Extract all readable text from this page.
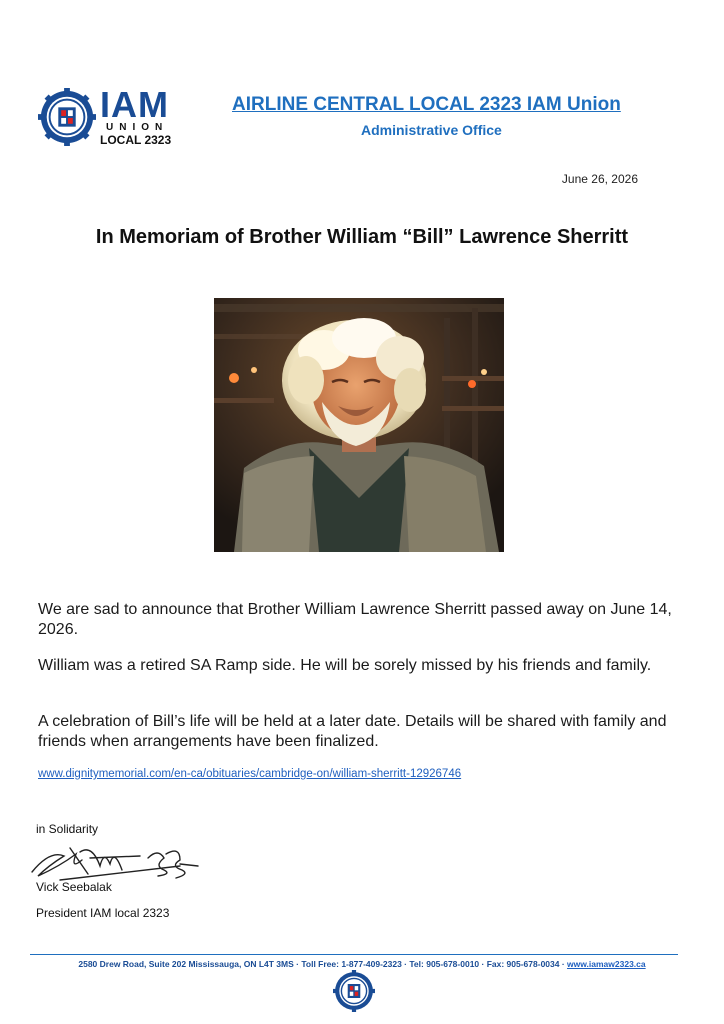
IAM
UNION
LOCAL 2323
AIRLINE CENTRAL LOCAL 2323 IAM Union
Administrative Office
June 26, 2026
In Memoriam of Brother William “Bill” Lawrence Sherritt
We are sad to announce that Brother William Lawrence Sherritt passed away on June 14, 2026.
William was a retired SA Ramp side. He will be sorely missed by his friends and family.
A celebration of Bill’s life will be held at a later date. Details will be shared with family and friends when arrangements have been finalized.
www.dignitymemorial.com/en-ca/obituaries/cambridge-on/william-sherritt-12926746
in Solidarity
Vick Seebalak
President IAM local 2323
2580 Drew Road, Suite 202 Mississauga, ON L4T 3MS · Toll Free: 1-877-409-2323 · Tel: 905-678-0010 · Fax: 905-678-0034 · www.iamaw2323.ca
